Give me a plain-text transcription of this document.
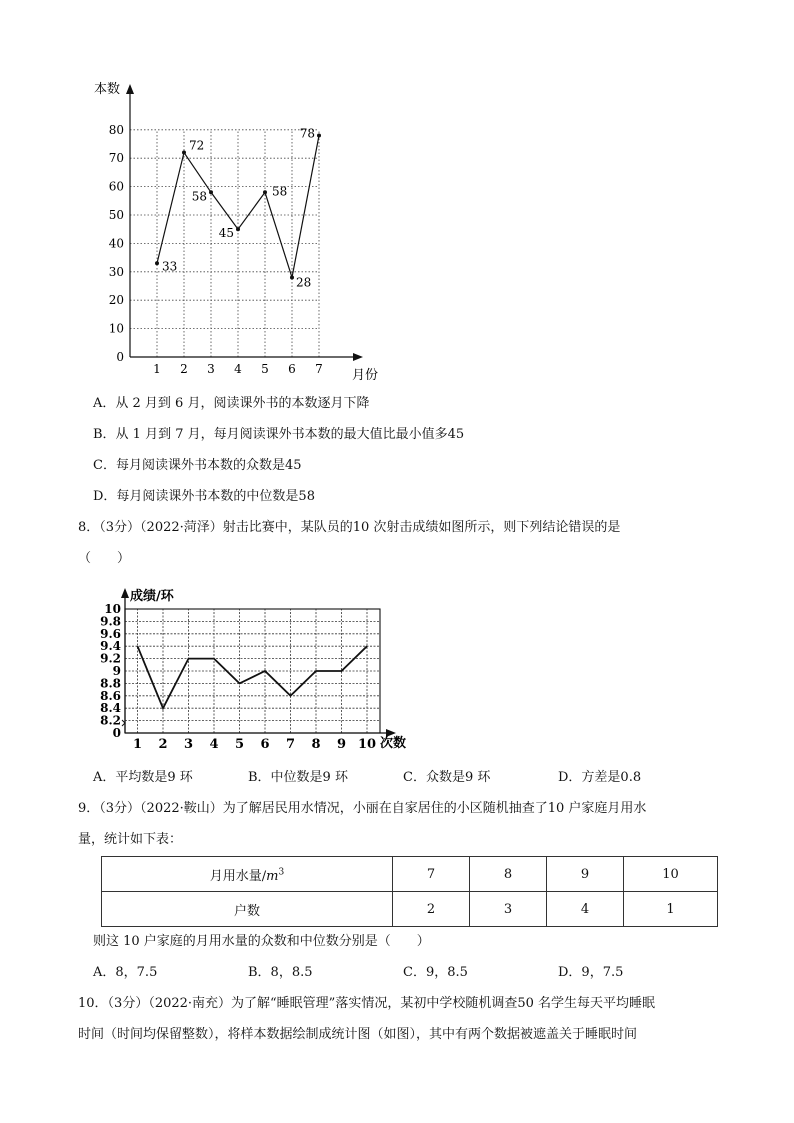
0
10
20
30
40
50
60
70
80
1 2 3 4 5 6 7
33
72
58
45
58
28
78
本数
月份
A．从 2 月到 6 月，阅读课外书的本数逐月下降
B．从 1 月到 7 月，每月阅读课外书本数的最大值比最小值多45
C．每月阅读课外书本数的众数是45
D．每月阅读课外书本数的中位数是58
8．（3分）（2022·菏泽）射击比赛中，某队员的10 次射击成绩如图所示，则下列结论错误的是
（　　）
0
8.2
8.4
8.6
8.8
9
9.2
9.4
9.6
9.8
10
1 2 3 4 5 6 7 8 9 10
成绩/环
次数
A．平均数是9 环	B．中位数是9 环	C．众数是9 环	D．方差是0.8
9．（3分）（2022·鞍山）为了解居民用水情况，小丽在自家居住的小区随机抽查了10 户家庭月用水
量，统计如下表：
月用水量$/m^3$	7	8	9	10
户数	2	3	4	1
则这 10 户家庭的月用水量的众数和中位数分别是（　　）
A．8，7.5	B．8，8.5	C．9，8.5	D．9，7.5
10．（3分）（2022·南充）为了解“睡眠管理”落实情况，某初中学校随机调查50 名学生每天平均睡眠
时间（时间均保留整数），将样本数据绘制成统计图（如图），其中有两个数据被遮盖关于睡眠时间
